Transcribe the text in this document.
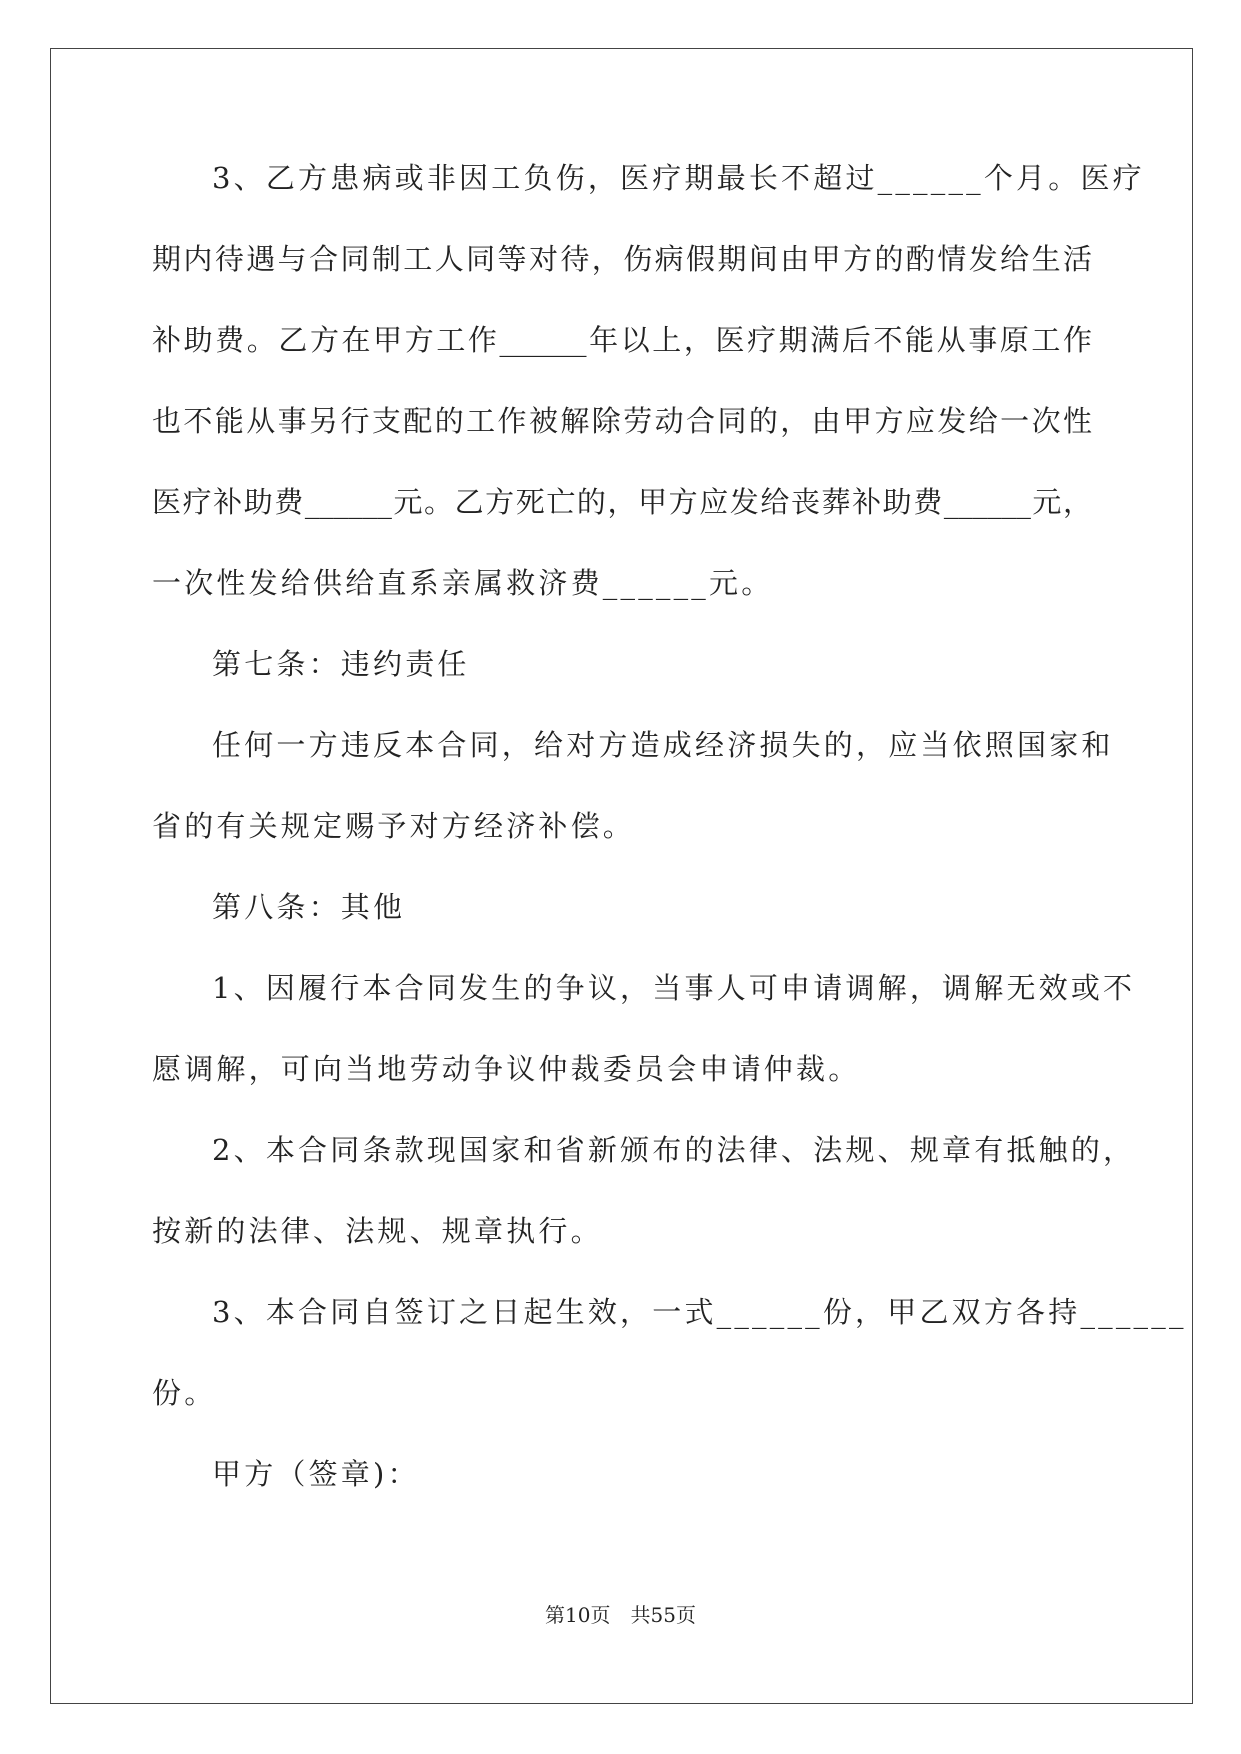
3、乙方患病或非因工负伤，医疗期最长不超过______个月。医疗
期内待遇与合同制工人同等对待，伤病假期间由甲方的酌情发给生活
补助费。乙方在甲方工作______年以上，医疗期满后不能从事原工作
也不能从事另行支配的工作被解除劳动合同的，由甲方应发给一次性
医疗补助费______元。乙方死亡的，甲方应发给丧葬补助费______元，
一次性发给供给直系亲属救济费______元。
第七条：违约责任
任何一方违反本合同，给对方造成经济损失的，应当依照国家和
省的有关规定赐予对方经济补偿。
第八条：其他
1、因履行本合同发生的争议，当事人可申请调解，调解无效或不
愿调解，可向当地劳动争议仲裁委员会申请仲裁。
2、本合同条款现国家和省新颁布的法律、法规、规章有抵触的，
按新的法律、法规、规章执行。
3、本合同自签订之日起生效，一式______份，甲乙双方各持______
份。
甲方（签章)：
第10页　共55页
